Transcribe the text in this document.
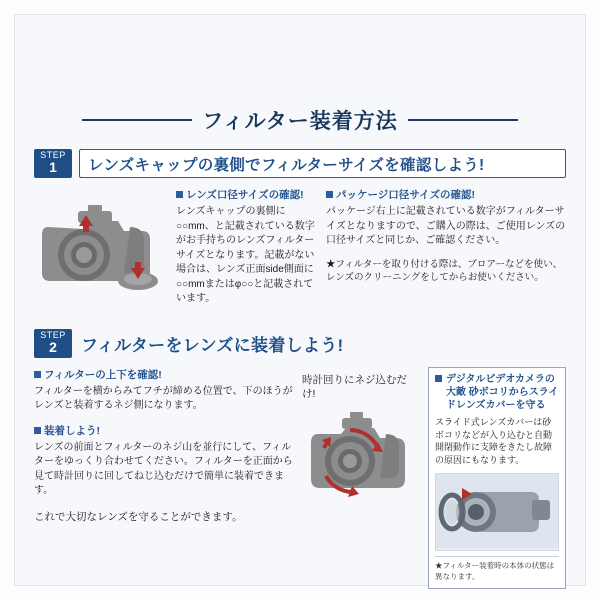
フィルター装着方法
STEP
1	レンズキャップの裏側でフィルターサイズを確認しよう!
レンズ口径サイズの確認!
レンズキャップの裏側に○○mm、と記載されている数字がお手持ちのレンズフィルターサイズとなります。記載がない場合は、レンズ正面side側面に○○mmまたはφ○○と記載されています。
パッケージ口径サイズの確認!
パッケージ右上に記載されている数字がフィルターサイズとなりますので、ご購入の際は、ご使用レンズの口径サイズと同じか、ご確認ください。
★フィルターを取り付ける際は、ブロアーなどを使い、レンズのクリーニングをしてからお使いください。
STEP
2	フィルターをレンズに装着しよう!
フィルターの上下を確認!
フィルターを横からみてフチが締める位置で、下のほうがレンズと装着するネジ側になります。
装着しよう!
レンズの前面とフィルターのネジ山を並行にして、フィルターをゆっくり合わせてください。フィルターを正面から見て時計回りに回してねじ込むだけで簡単に装着できます。
これで大切なレンズを守ることができます。
時計回りにネジ込むだけ!
デジタルビデオカメラの大敵 砂ボコリからスライドレンズカバーを守る
スライド式レンズカバーは砂ボコリなどが入り込むと自動開閉動作に支障をきたし故障の原因にもなります。
★フィルター装着時の本体の状態は異なります。
